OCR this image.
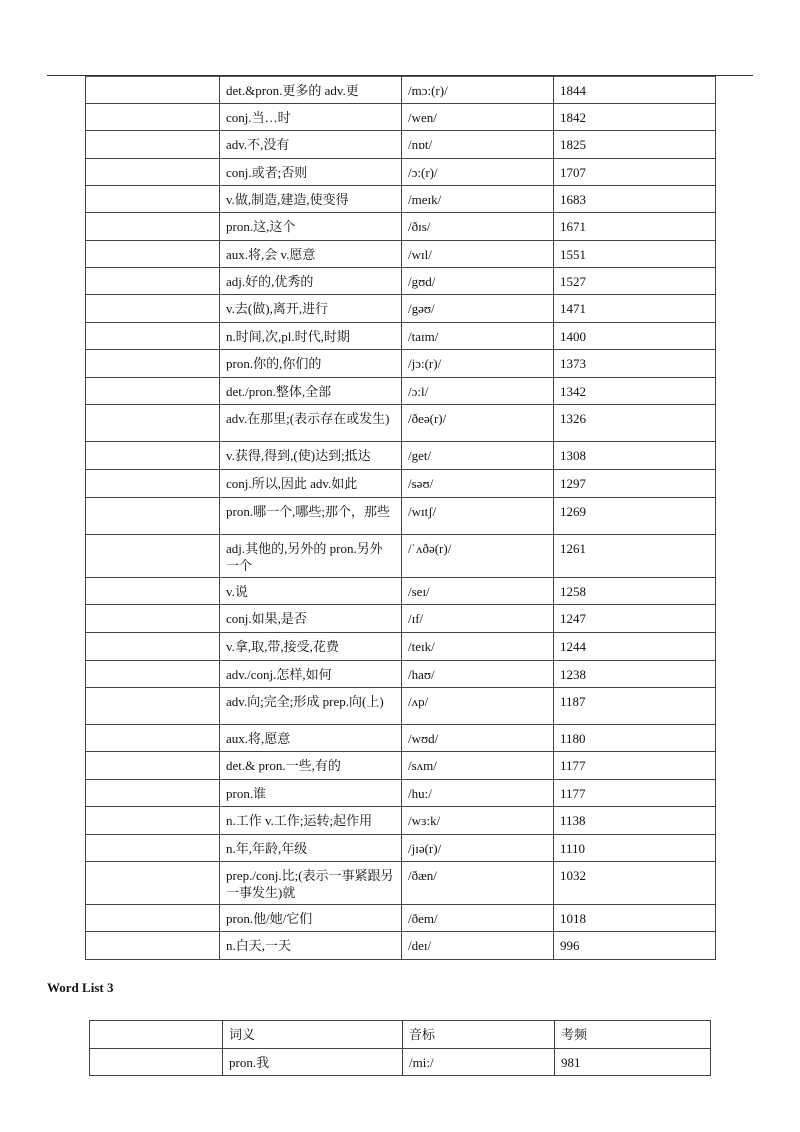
	det.&pron.更多的 adv.更	/mɔ:(r)/	1844
	conj.当…时	/wen/	1842
	adv.不,没有	/nɒt/	1825
	conj.或者;否则	/ɔ:(r)/	1707
	v.做,制造,建造,使变得	/meɪk/	1683
	pron.这,这个	/ðɪs/	1671
	aux.将,会 v.愿意	/wɪl/	1551
	adj.好的,优秀的	/gʊd/	1527
	v.去(做),离开,进行	/gəʊ/	1471
	n.时间,次,pl.时代,时期	/taɪm/	1400
	pron.你的,你们的	/jɔ:(r)/	1373
	det./pron.整体,全部	/ɔ:l/	1342
	adv.在那里;(表示存在或发生)	/ðeə(r)/	1326
	v.获得,得到,(使)达到;抵达	/get/	1308
	conj.所以,因此 adv.如此	/səʊ/	1297
	pron.哪一个,哪些;那个，那些	/wɪtʃ/	1269
	adj.其他的,另外的 pron.另外一个	/ˈʌðə(r)/	1261
	v.说	/seɪ/	1258
	conj.如果,是否	/ɪf/	1247
	v.拿,取,带,接受,花费	/teɪk/	1244
	adv./conj.怎样,如何	/haʊ/	1238
	adv.向;完全;形成 prep.向(上)	/ʌp/	1187
	aux.将,愿意	/wʊd/	1180
	det.& pron.一些,有的	/sʌm/	1177
	pron.谁	/hu:/	1177
	n.工作 v.工作;运转;起作用	/wɜ:k/	1138
	n.年,年龄,年级	/jɪə(r)/	1110
	prep./conj.比;(表示一事紧跟另一事发生)就	/ðæn/	1032
	pron.他/她/它们	/ðem/	1018
	n.白天,一天	/deɪ/	996
Word List 3
	词义	音标	考频
	pron.我	/mi:/	981
